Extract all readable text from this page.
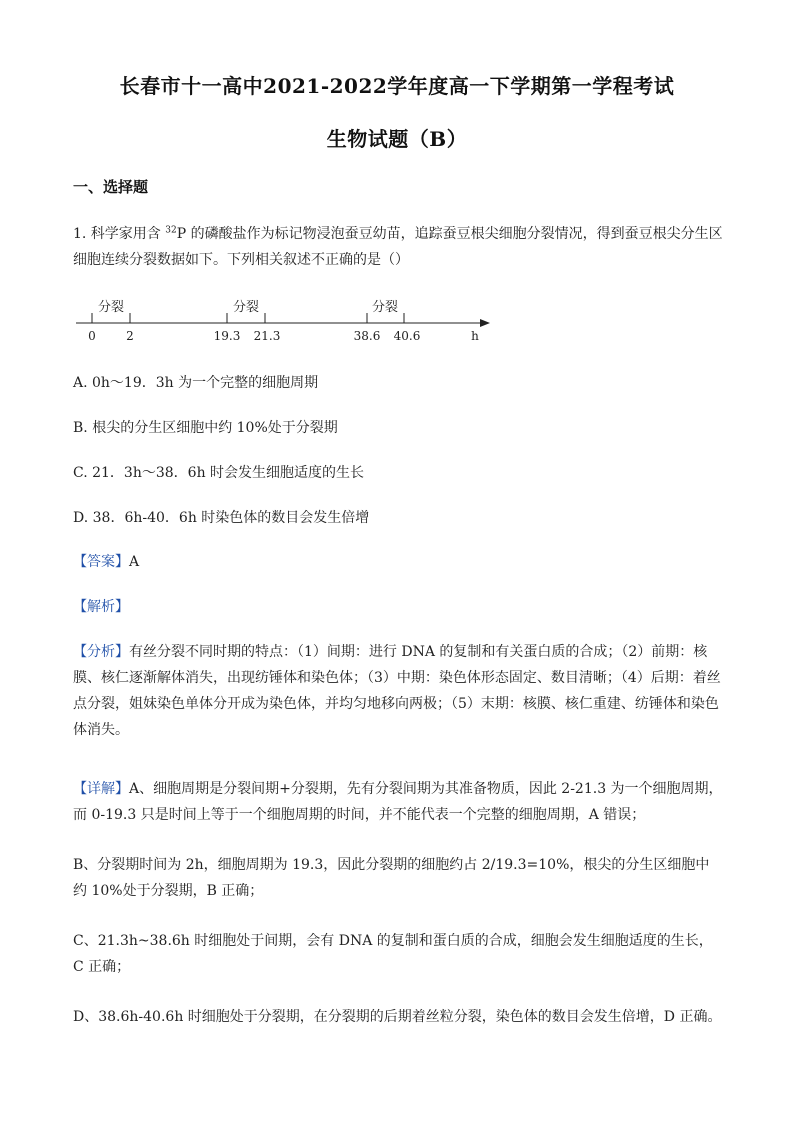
长春市十一高中2021-2022学年度高一下学期第一学程考试
生物试题（B）
一、选择题
1. 科学家用含 $^{32}$P 的磷酸盐作为标记物浸泡蚕豆幼苗，追踪蚕豆根尖细胞分裂情况，得到蚕豆根尖分生区细胞连续分裂数据如下。下列相关叙述不正确的是（）
分裂	分裂	分裂
0	2	19.3 21.3	38.6 40.6	h
A. 0h～19．3h 为一个完整的细胞周期
B. 根尖的分生区细胞中约 10%处于分裂期
C. 21．3h～38．6h 时会发生细胞适度的生长
D. 38．6h-40．6h 时染色体的数目会发生倍增
【答案】A
【解析】
【分析】有丝分裂不同时期的特点：（1）间期：进行 DNA 的复制和有关蛋白质的合成；（2）前期：核膜、核仁逐渐解体消失，出现纺锤体和染色体；（3）中期：染色体形态固定、数目清晰；（4）后期：着丝点分裂，姐妹染色单体分开成为染色体，并均匀地移向两极；（5）末期：核膜、核仁重建、纺锤体和染色体消失。
【详解】A、细胞周期是分裂间期+分裂期，先有分裂间期为其准备物质，因此 2-21.3 为一个细胞周期，而 0-19.3 只是时间上等于一个细胞周期的时间，并不能代表一个完整的细胞周期，A 错误；
B、分裂期时间为 2h，细胞周期为 19.3，因此分裂期的细胞约占 2/19.3=10%，根尖的分生区细胞中约 10%处于分裂期，B 正确；
C、21.3h~38.6h 时细胞处于间期，会有 DNA 的复制和蛋白质的合成，细胞会发生细胞适度的生长，C 正确；
D、38.6h-40.6h 时细胞处于分裂期，在分裂期的后期着丝粒分裂，染色体的数目会发生倍增，D 正确。
